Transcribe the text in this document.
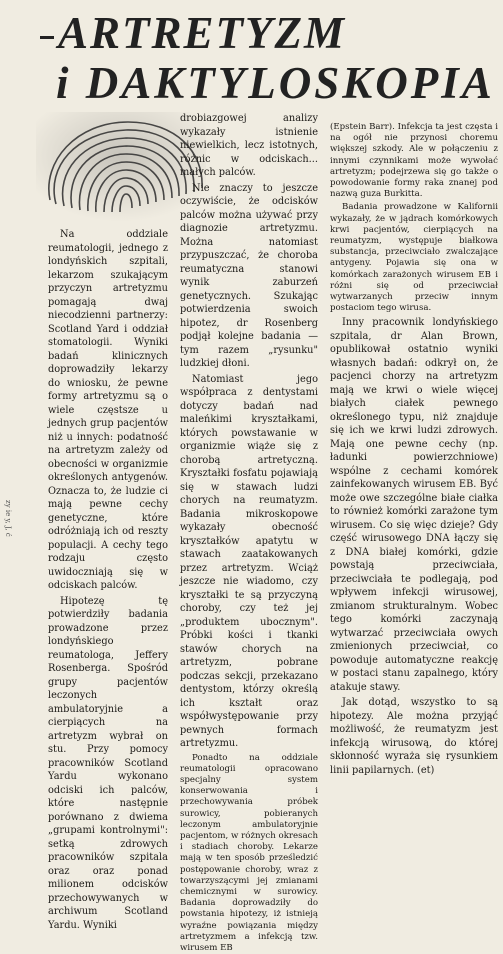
ARTRETYZM
i DAKTYLOSKOPIA

Na oddziale reumatologii, jednego z londyńskich szpitali, lekarzom szukającym przyczyn artretyzmu pomagają dwaj niecodzienni partnerzy: Scotland Yard i oddział stomatologii. Wyniki badań klinicznych doprowadziły lekarzy do wniosku, że pewne formy artretyzmu są o wiele częstsze u jednych grup pacjentów niż u innych: podatność na artretyzm zależy od obecności w organizmie określonych antygenów. Oznacza to, że ludzie ci mają pewne cechy genetyczne, które odróżniają ich od reszty populacji. A cechy tego rodzaju często uwidoczniają się w odciskach palców.

Hipotezę tę potwierdziły badania prowadzone przez londyńskiego reumatologa, Jeffery Rosenberga. Spośród grupy pacjentów leczonych ambulatoryjnie a cierpiących na artretyzm wybrał on stu. Przy pomocy pracowników Scotland Yardu wykonano odciski ich palców, które następnie porównano z dwiema „grupami kontrolnymi": setką zdrowych pracowników szpitala oraz oraz ponad milionem odcisków przechowywanych w archiwum Scotland Yardu. Wyniki

drobiazgowej analizy wykazały istnienie niewielkich, lecz istotnych, różnic w odciskach... małych palców.

Nie znaczy to jeszcze oczywiście, że odcisków palców można używać przy diagnozie artretyzmu. Można natomiast przypuszczać, że choroba reumatyczna stanowi wynik zaburzeń genetycznych. Szukając potwierdzenia swoich hipotez, dr Rosenberg podjął kolejne badania — tym razem „rysunku" ludzkiej dłoni.

Natomiast jego współpraca z dentystami dotyczy badań nad maleńkimi kryształkami, których powstawanie w organizmie wiąże się z chorobą artretyczną. Kryształki fosfatu pojawiają się w stawach ludzi chorych na reumatyzm. Badania mikroskopowe wykazały obecność kryształków apatytu w stawach zaatakowanych przez artretyzm. Wciąż jeszcze nie wiadomo, czy kryształki te są przyczyną choroby, czy też jej „produktem ubocznym". Próbki kości i tkanki stawów chorych na artretyzm, pobrane podczas sekcji, przekazano dentystom, którzy określą ich kształt oraz współwystępowanie przy pewnych formach artretyzmu.

Ponadto na oddziale reumatologii opracowano specjalny system konserwowania i przechowywania próbek surowicy, pobieranych leczonym ambulatoryjnie pacjentom, w różnych okresach i stadiach choroby. Lekarze mają w ten sposób prześledzić postępowanie choroby, wraz z towarzyszącymi jej zmianami chemicznymi w surowicy. Badania doprowadziły do powstania hipotezy, iż istnieją wyraźne powiązania między artretyzmem a infekcją tzw. wirusem EB

(Epstein Barr). Infekcja ta jest częsta i na ogół nie przynosi choremu większej szkody. Ale w połączeniu z innymi czynnikami może wywołać artretyzm; podejrzewa się go także o powodowanie formy raka znanej pod nazwą guza Burkitta.

Badania prowadzone w Kalifornii wykazały, że w jądrach komórkowych krwi pacjentów, cierpiących na reumatyzm, występuje białkowa substancja, przeciwciało zwalczające antygeny. Pojawia się ona w komórkach zarażonych wirusem EB i różni się od przeciwciał wytwarzanych przeciw innym postaciom tego wirusa.

Inny pracownik londyńskiego szpitala, dr Alan Brown, opublikował ostatnio wyniki własnych badań: odkrył on, że pacjenci chorzy na artretyzm mają we krwi o wiele więcej białych ciałek pewnego określonego typu, niż znajduje się ich we krwi ludzi zdrowych. Mają one pewne cechy (np. ładunki powierzchniowe) wspólne z cechami komórek zainfekowanych wirusem EB. Być może owe szczególne białe ciałka to również komórki zarażone tym wirusem. Co się więc dzieje? Gdy część wirusowego DNA łączy się z DNA białej komórki, gdzie powstają przeciwciała, przeciwciała te podlegają, pod wpływem infekcji wirusowej, zmianom strukturalnym. Wobec tego komórki zaczynają wytwarzać przeciwciała owych zmienionych przeciwciał, co powoduje automatyczne reakcję w postaci stanu zapalnego, który atakuje stawy.

Jak dotąd, wszystko to są hipotezy. Ale można przyjąć możliwość, że reumatyzm jest infekcją wirusową, do której skłonność wyraża się rysunkiem linii papilarnych. (et)

zy ie y, J, ć
